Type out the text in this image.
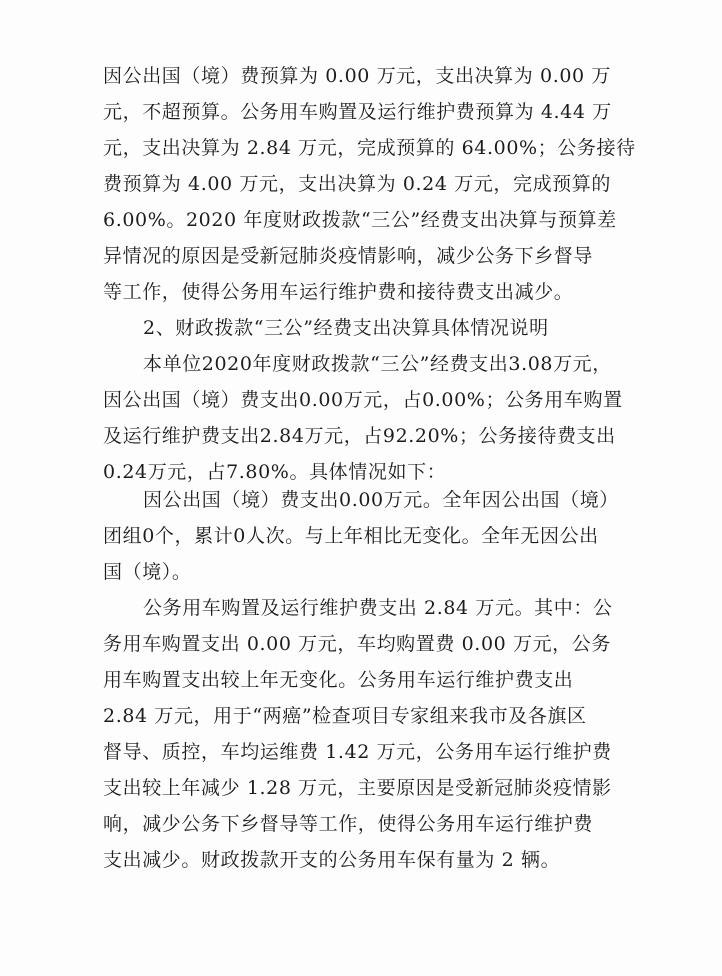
因公出国（境）费预算为 0.00 万元，支出决算为 0.00 万
元，不超预算。公务用车购置及运行维护费预算为 4.44 万
元，支出决算为 2.84 万元，完成预算的 64.00%；公务接待
费预算为 4.00 万元，支出决算为 0.24 万元，完成预算的
6.00%。2020 年度财政拨款“三公”经费支出决算与预算差
异情况的原因是受新冠肺炎疫情影响，减少公务下乡督导
等工作，使得公务用车运行维护费和接待费支出减少。
2、财政拨款“三公”经费支出决算具体情况说明
本单位2020年度财政拨款“三公”经费支出3.08万元，
因公出国（境）费支出0.00万元，占0.00%；公务用车购置
及运行维护费支出2.84万元，占92.20%；公务接待费支出
0.24万元，占7.80%。具体情况如下：
因公出国（境）费支出0.00万元。全年因公出国（境）
团组0个，累计0人次。与上年相比无变化。全年无因公出
国（境）。
公务用车购置及运行维护费支出 2.84 万元。其中：公
务用车购置支出 0.00 万元，车均购置费 0.00 万元，公务
用车购置支出较上年无变化。公务用车运行维护费支出
2.84 万元，用于“两癌”检查项目专家组来我市及各旗区
督导、质控，车均运维费 1.42 万元，公务用车运行维护费
支出较上年减少 1.28 万元，主要原因是受新冠肺炎疫情影
响，减少公务下乡督导等工作，使得公务用车运行维护费
支出减少。财政拨款开支的公务用车保有量为 2 辆。
